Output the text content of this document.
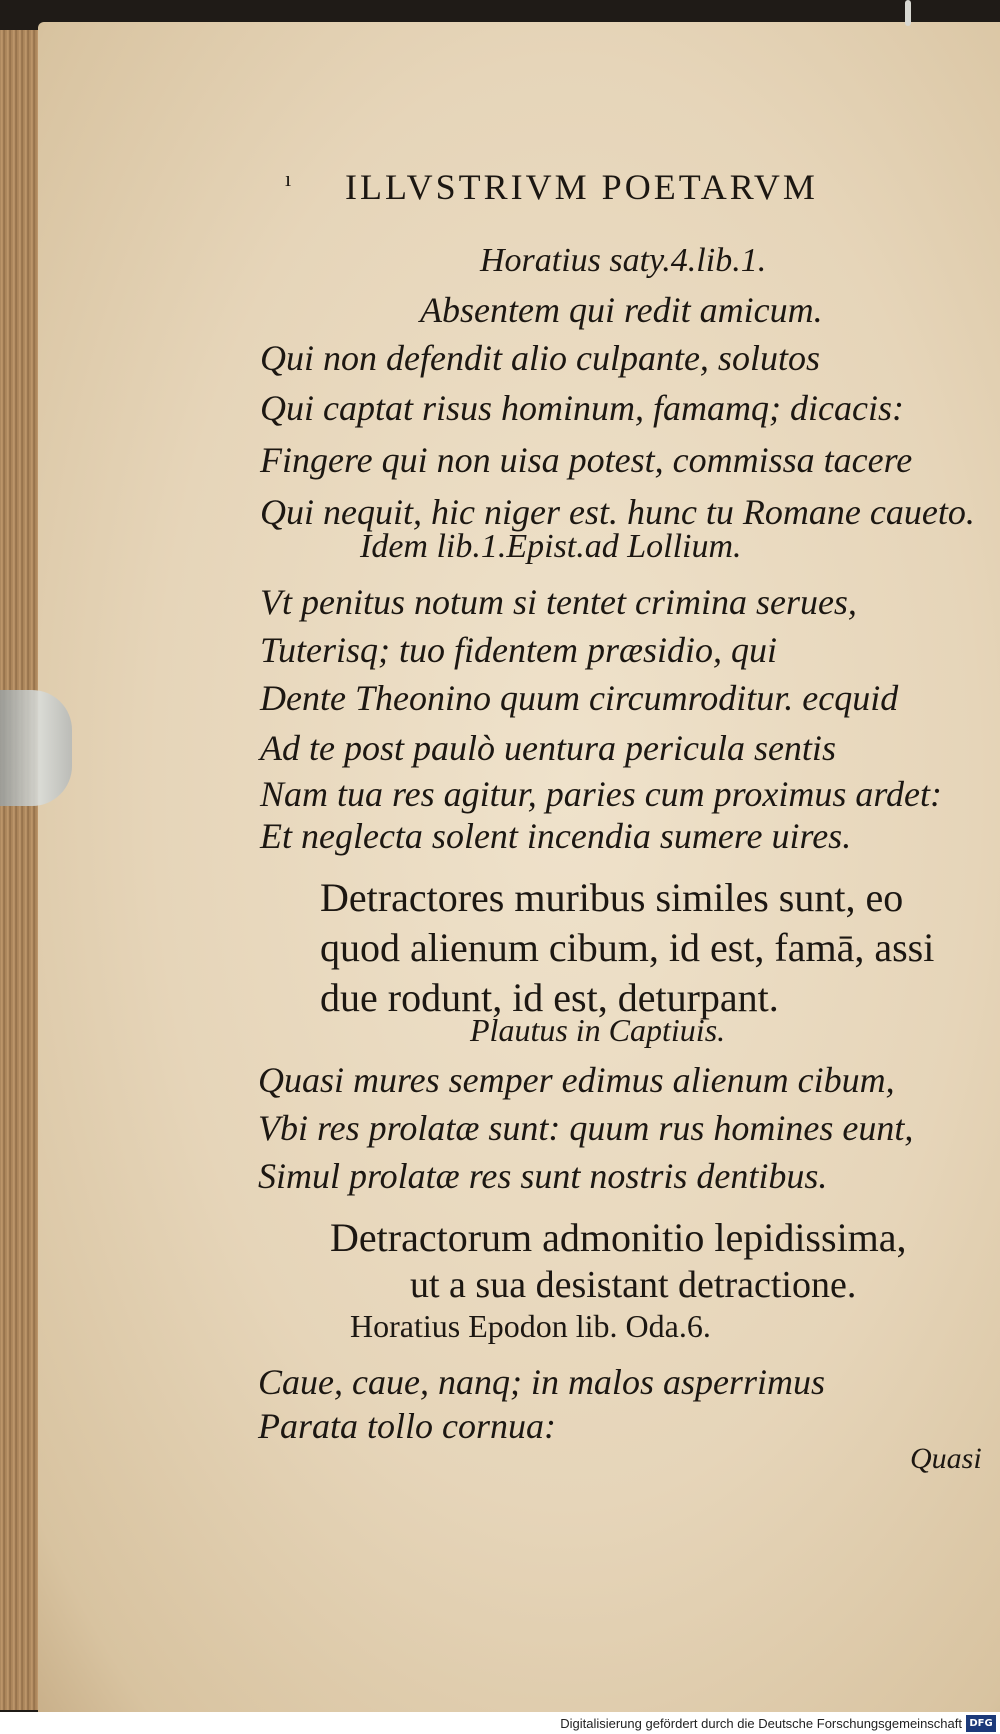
ı ILLVSTRIVM POETARVM
Horatius saty.4.lib.1.
Absentem qui redit amicum.
Qui non defendit alio culpante, solutos
Qui captat risus hominum, famamq; dicacis:
Fingere qui non uisa potest, commissa tacere
Qui nequit, hic niger est. hunc tu Romane caueto.
Idem lib.1.Epist.ad Lollium.
Vt penitus notum si tentet crimina serues,
Tuterisq; tuo fidentem præsidio, qui
Dente Theonino quum circumroditur. ecquid
Ad te post paulò uentura pericula sentis
Nam tua res agitur, paries cum proximus ardet:
Et neglecta solent incendia sumere uires.
Detractores muribus similes sunt, eo
quod alienum cibum, id est, famā, assi
due rodunt, id est, deturpant.
Plautus in Captiuis.
Quasi mures semper edimus alienum cibum,
Vbi res prolatæ sunt: quum rus homines eunt,
Simul prolatæ res sunt nostris dentibus.
Detractorum admonitio lepidissima,
ut a sua desistant detractione.
Horatius Epodon lib. Oda.6.
Caue, caue, nanq; in malos asperrimus
Parata tollo cornua:
Quasi
Digitalisierung gefördert durch die Deutsche Forschungsgemeinschaft DFG
